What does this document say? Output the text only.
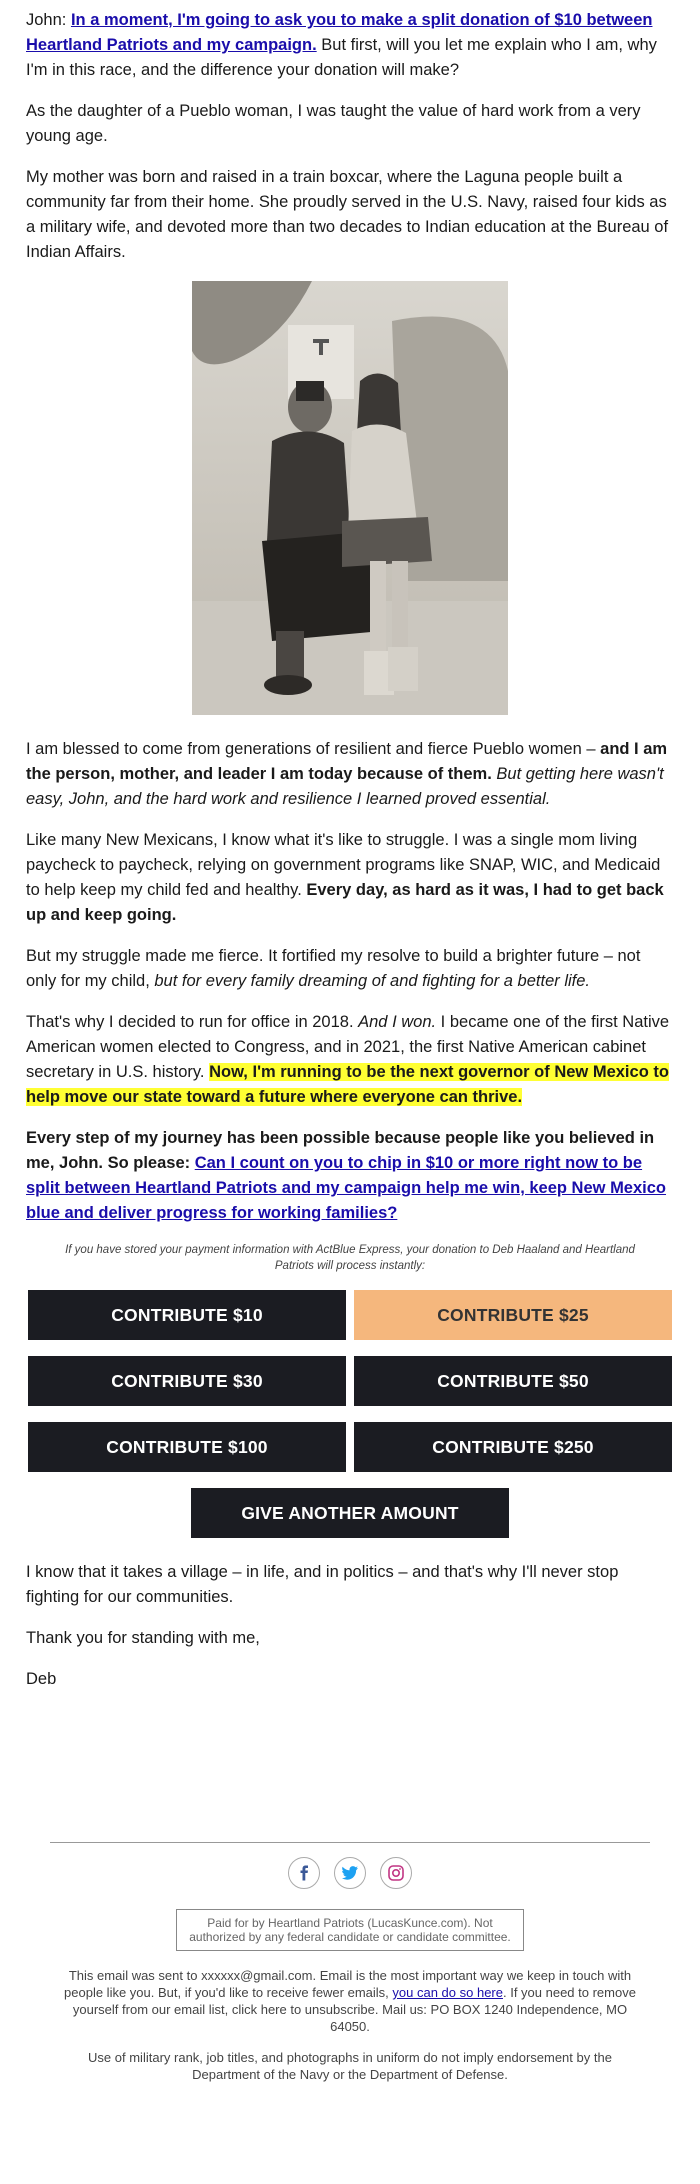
John: In a moment, I'm going to ask you to make a split donation of $10 between Heartland Patriots and my campaign. But first, will you let me explain who I am, why I'm in this race, and the difference your donation will make?

As the daughter of a Pueblo woman, I was taught the value of hard work from a very young age.

My mother was born and raised in a train boxcar, where the Laguna people built a community far from their home. She proudly served in the U.S. Navy, raised four kids as a military wife, and devoted more than two decades to Indian education at the Bureau of Indian Affairs.

I am blessed to come from generations of resilient and fierce Pueblo women – and I am the person, mother, and leader I am today because of them. But getting here wasn't easy, John, and the hard work and resilience I learned proved essential.

Like many New Mexicans, I know what it's like to struggle. I was a single mom living paycheck to paycheck, relying on government programs like SNAP, WIC, and Medicaid to help keep my child fed and healthy. Every day, as hard as it was, I had to get back up and keep going.

But my struggle made me fierce. It fortified my resolve to build a brighter future – not only for my child, but for every family dreaming of and fighting for a better life.

That's why I decided to run for office in 2018. And I won. I became one of the first Native American women elected to Congress, and in 2021, the first Native American cabinet secretary in U.S. history. Now, I'm running to be the next governor of New Mexico to help move our state toward a future where everyone can thrive.

Every step of my journey has been possible because people like you believed in me, John. So please: Can I count on you to chip in $10 or more right now to be split between Heartland Patriots and my campaign help me win, keep New Mexico blue and deliver progress for working families?

If you have stored your payment information with ActBlue Express, your donation to Deb Haaland and Heartland Patriots will process instantly:
CONTRIBUTE $10	CONTRIBUTE $25
CONTRIBUTE $30	CONTRIBUTE $50
CONTRIBUTE $100	CONTRIBUTE $250
GIVE ANOTHER AMOUNT

I know that it takes a village – in life, and in politics – and that's why I'll never stop fighting for our communities.

Thank you for standing with me,

Deb

Paid for by Heartland Patriots (LucasKunce.com). Not authorized by any federal candidate or candidate committee.

This email was sent to xxxxxx@gmail.com. Email is the most important way we keep in touch with people like you. But, if you'd like to receive fewer emails, you can do so here. If you need to remove yourself from our email list, click here to unsubscribe. Mail us: PO BOX 1240 Independence, MO 64050.

Use of military rank, job titles, and photographs in uniform do not imply endorsement by the Department of the Navy or the Department of Defense.
